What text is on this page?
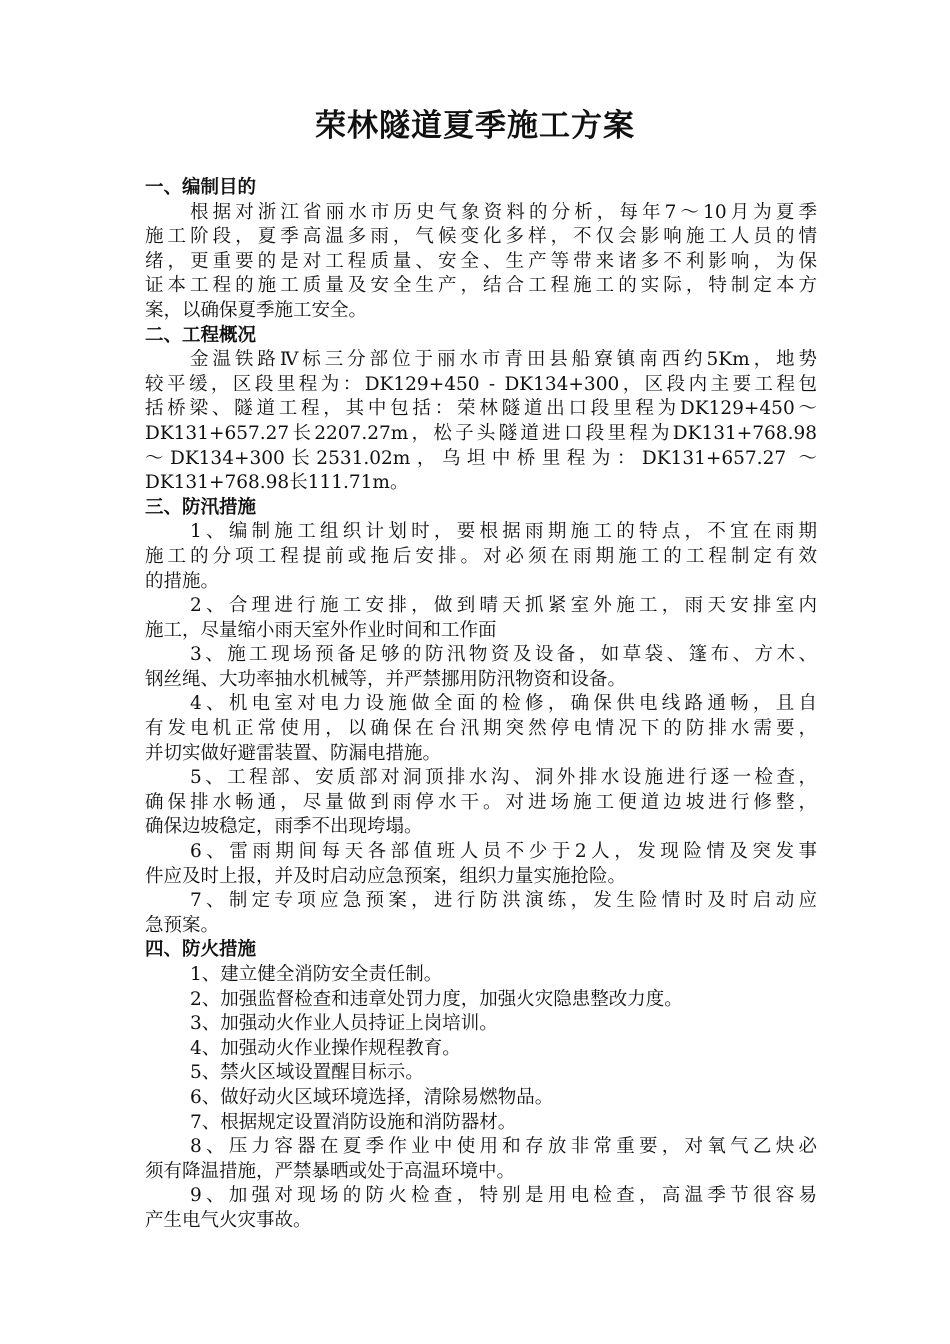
荣林隧道夏季施工方案
一、编制目的
根据对浙江省丽水市历史气象资料的分析，每年7～10月为夏季
施工阶段，夏季高温多雨，气候变化多样，不仅会影响施工人员的情
绪，更重要的是对工程质量、安全、生产等带来诸多不利影响，为保
证本工程的施工质量及安全生产，结合工程施工的实际，特制定本方
案，以确保夏季施工安全。
二、工程概况
金温铁路Ⅳ标三分部位于丽水市青田县船寮镇南西约5Km，地势
较平缓，区段里程为：DK129+450 - DK134+300，区段内主要工程包
括桥梁、隧道工程，其中包括：荣林隧道出口段里程为DK129+450～
DK131+657.27长2207.27m，松子头隧道进口段里程为DK131+768.98
～DK134+300长2531.02m，乌坦中桥里程为：DK131+657.27 ～
DK131+768.98长111.71m。
三、防汛措施
1、编制施工组织计划时，要根据雨期施工的特点，不宜在雨期
施工的分项工程提前或拖后安排。对必须在雨期施工的工程制定有效
的措施。
2、合理进行施工安排，做到晴天抓紧室外施工，雨天安排室内
施工，尽量缩小雨天室外作业时间和工作面
3、施工现场预备足够的防汛物资及设备，如草袋、篷布、方木、
钢丝绳、大功率抽水机械等，并严禁挪用防汛物资和设备。
4、机电室对电力设施做全面的检修，确保供电线路通畅，且自
有发电机正常使用，以确保在台汛期突然停电情况下的防排水需要，
并切实做好避雷装置、防漏电措施。
5、工程部、安质部对洞顶排水沟、洞外排水设施进行逐一检查，
确保排水畅通，尽量做到雨停水干。对进场施工便道边坡进行修整，
确保边坡稳定，雨季不出现垮塌。
6、雷雨期间每天各部值班人员不少于2人，发现险情及突发事
件应及时上报，并及时启动应急预案，组织力量实施抢险。
7、制定专项应急预案，进行防洪演练，发生险情时及时启动应
急预案。
四、防火措施
1、建立健全消防安全责任制。
2、加强监督检查和违章处罚力度，加强火灾隐患整改力度。
3、加强动火作业人员持证上岗培训。
4、加强动火作业操作规程教育。
5、禁火区域设置醒目标示。
6、做好动火区域环境选择，清除易燃物品。
7、根据规定设置消防设施和消防器材。
8、压力容器在夏季作业中使用和存放非常重要，对氧气乙炔必
须有降温措施，严禁暴晒或处于高温环境中。
9、加强对现场的防火检查，特别是用电检查，高温季节很容易
产生电气火灾事故。
